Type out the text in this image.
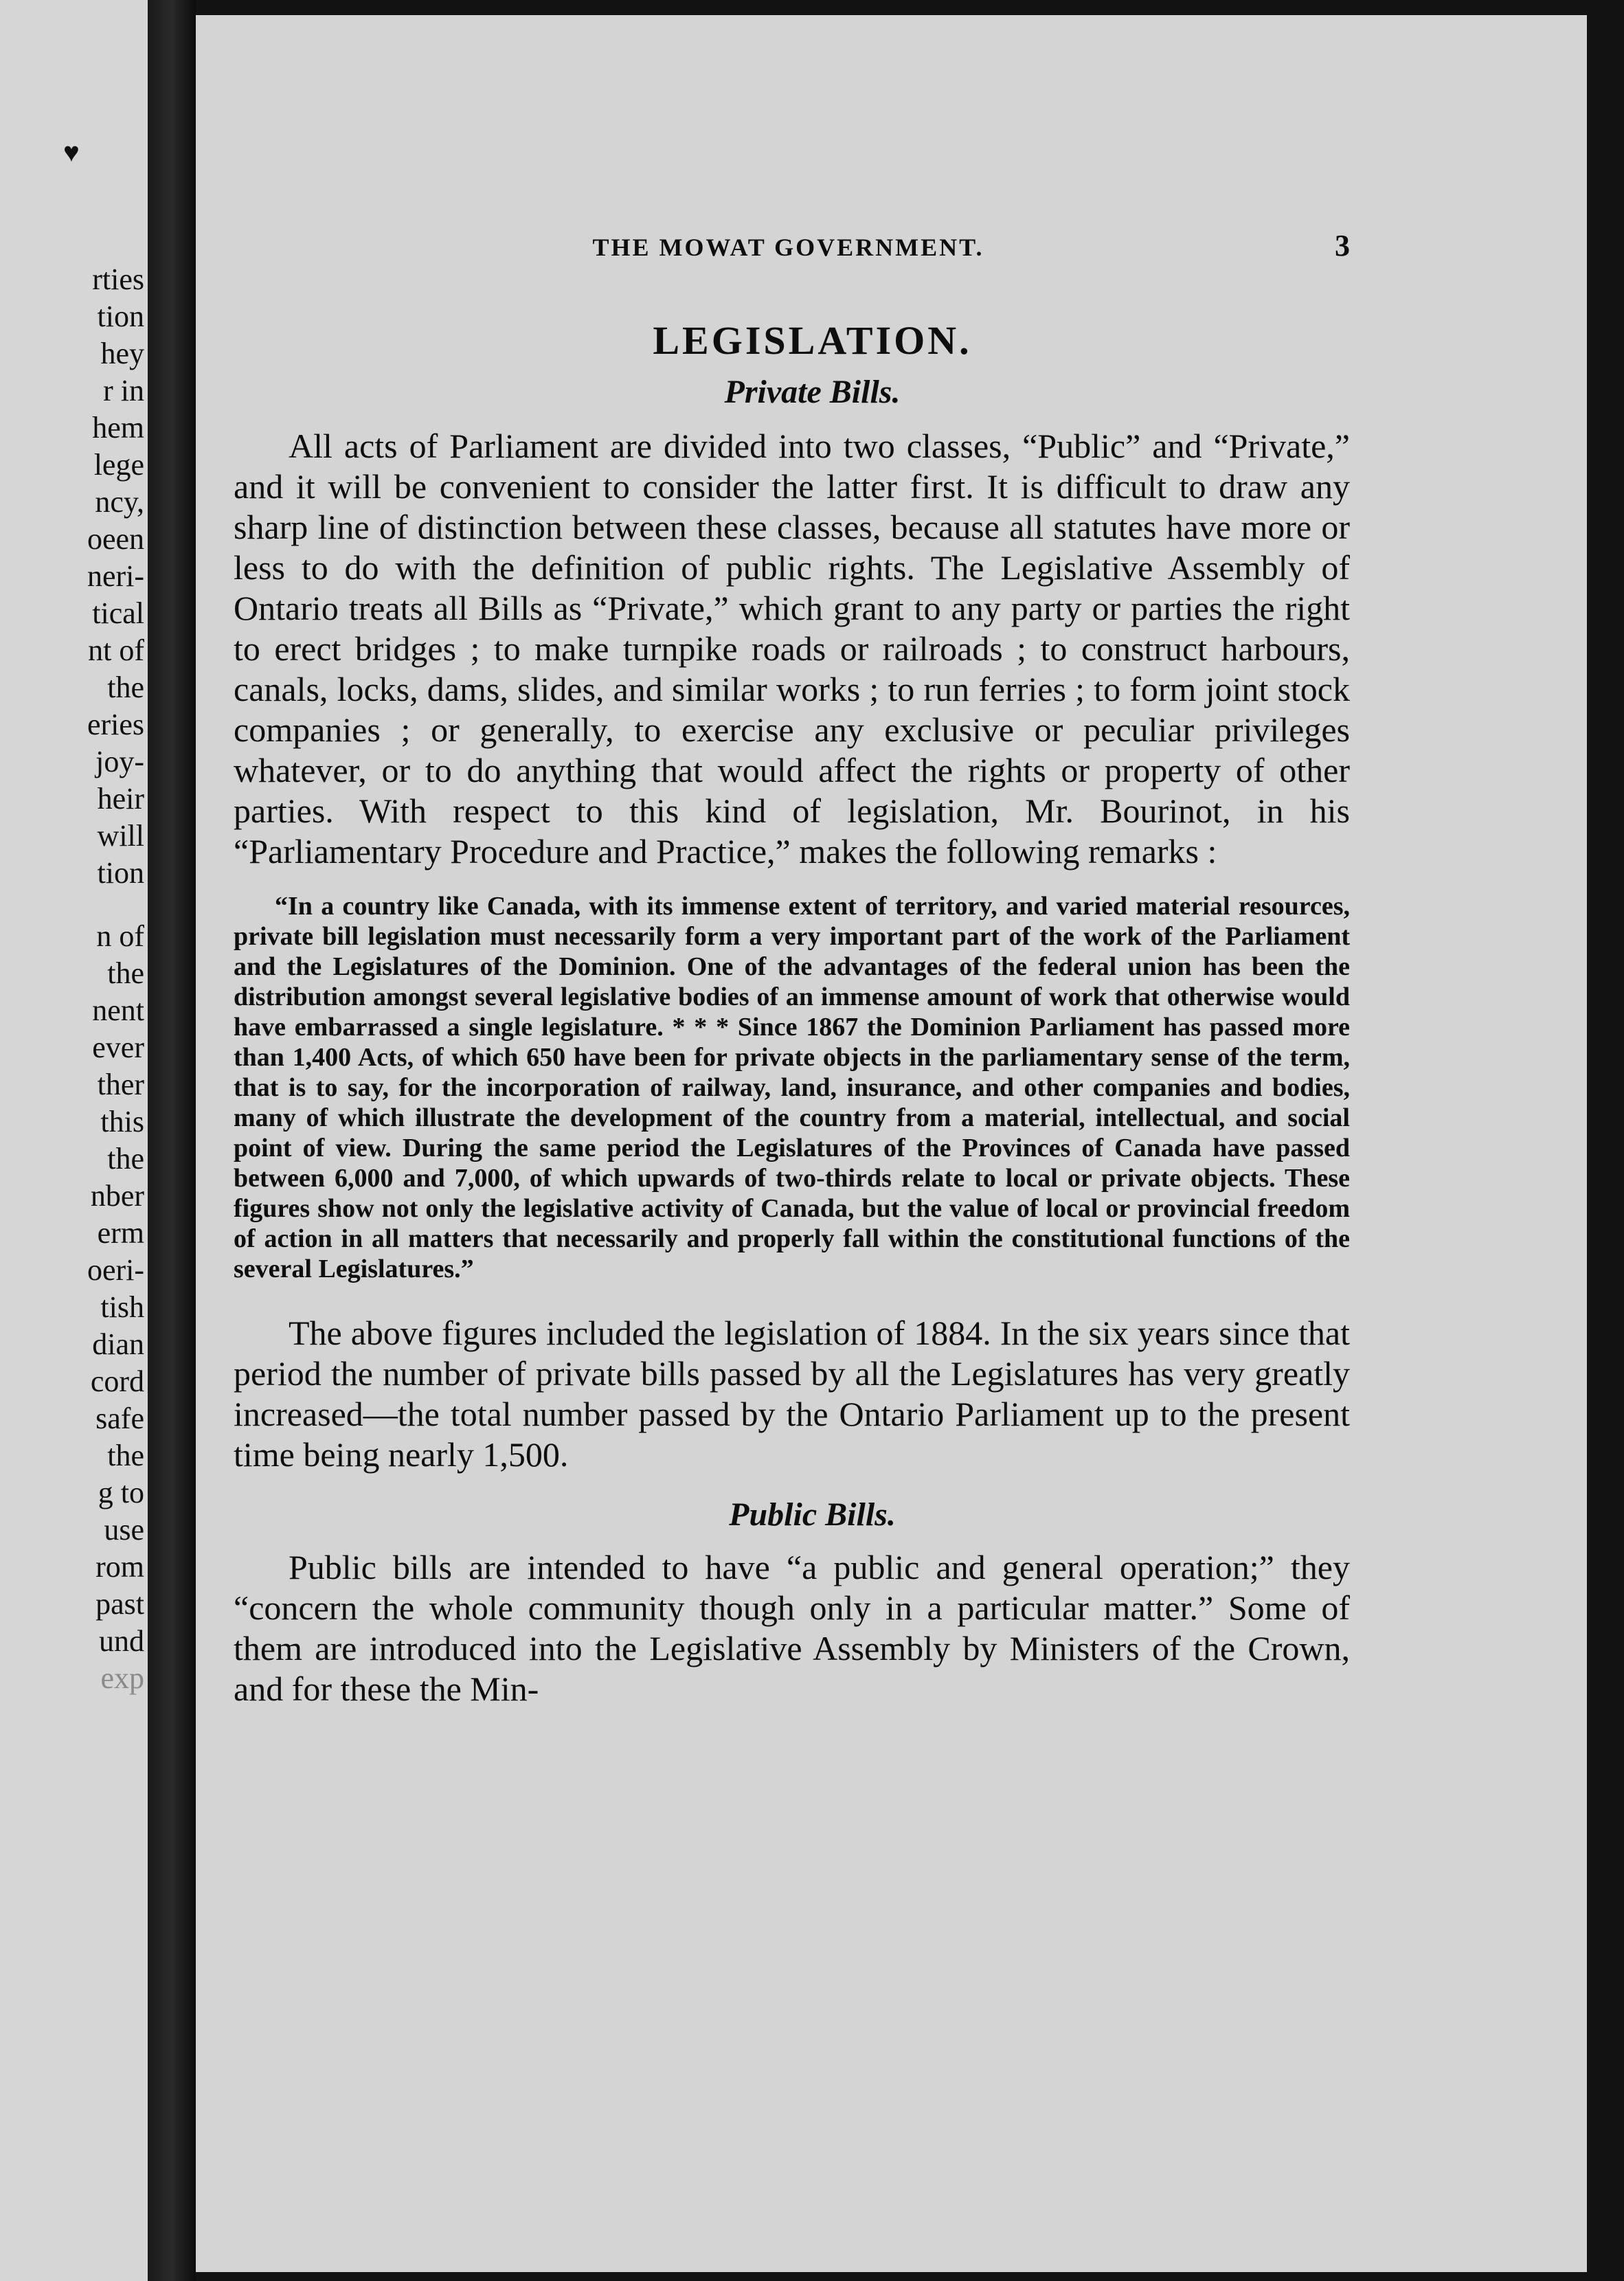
♥
rties
tion
hey
r in
hem
lege
ncy,
oeen
neri-
tical
nt of
the
eries
joy-
heir
will
tion
n of
the
nent
ever
ther
this
the
nber
erm
oeri-
tish
dian
cord
safe
the
g to
use
rom
past
und
exp
THE MOWAT GOVERNMENT.	3
LEGISLATION.
Private Bills.

All acts of Parliament are divided into two classes, “Public” and “Private,” and it will be convenient to consider the latter first. It is difficult to draw any sharp line of distinction between these classes, because all statutes have more or less to do with the definition of public rights. The Legislative Assembly of Ontario treats all Bills as “Private,” which grant to any party or parties the right to erect bridges ; to make turnpike roads or railroads ; to construct harbours, canals, locks, dams, slides, and similar works ; to run ferries ; to form joint stock companies ; or generally, to exercise any exclusive or peculiar privileges whatever, or to do anything that would affect the rights or property of other parties. With respect to this kind of legislation, Mr. Bourinot, in his “Parliamentary Procedure and Practice,” makes the following remarks :

“In a country like Canada, with its immense extent of territory, and varied material resources, private bill legislation must necessarily form a very important part of the work of the Parliament and the Legislatures of the Dominion. One of the advantages of the federal union has been the distribution amongst several legislative bodies of an immense amount of work that otherwise would have embarrassed a single legislature. * * * Since 1867 the Dominion Parliament has passed more than 1,400 Acts, of which 650 have been for private objects in the parliamentary sense of the term, that is to say, for the incorporation of railway, land, insurance, and other companies and bodies, many of which illustrate the development of the country from a material, intellectual, and social point of view. During the same period the Legislatures of the Provinces of Canada have passed between 6,000 and 7,000, of which upwards of two-thirds relate to local or private objects. These figures show not only the legislative activity of Canada, but the value of local or provincial freedom of action in all matters that necessarily and properly fall within the constitutional functions of the several Legislatures.”

The above figures included the legislation of 1884. In the six years since that period the number of private bills passed by all the Legislatures has very greatly increased—the total number passed by the Ontario Parliament up to the present time being nearly 1,500.

Public Bills.

Public bills are intended to have “a public and general operation;” they “concern the whole community though only in a particular matter.” Some of them are introduced into the Legislative Assembly by Ministers of the Crown, and for these the Min-
